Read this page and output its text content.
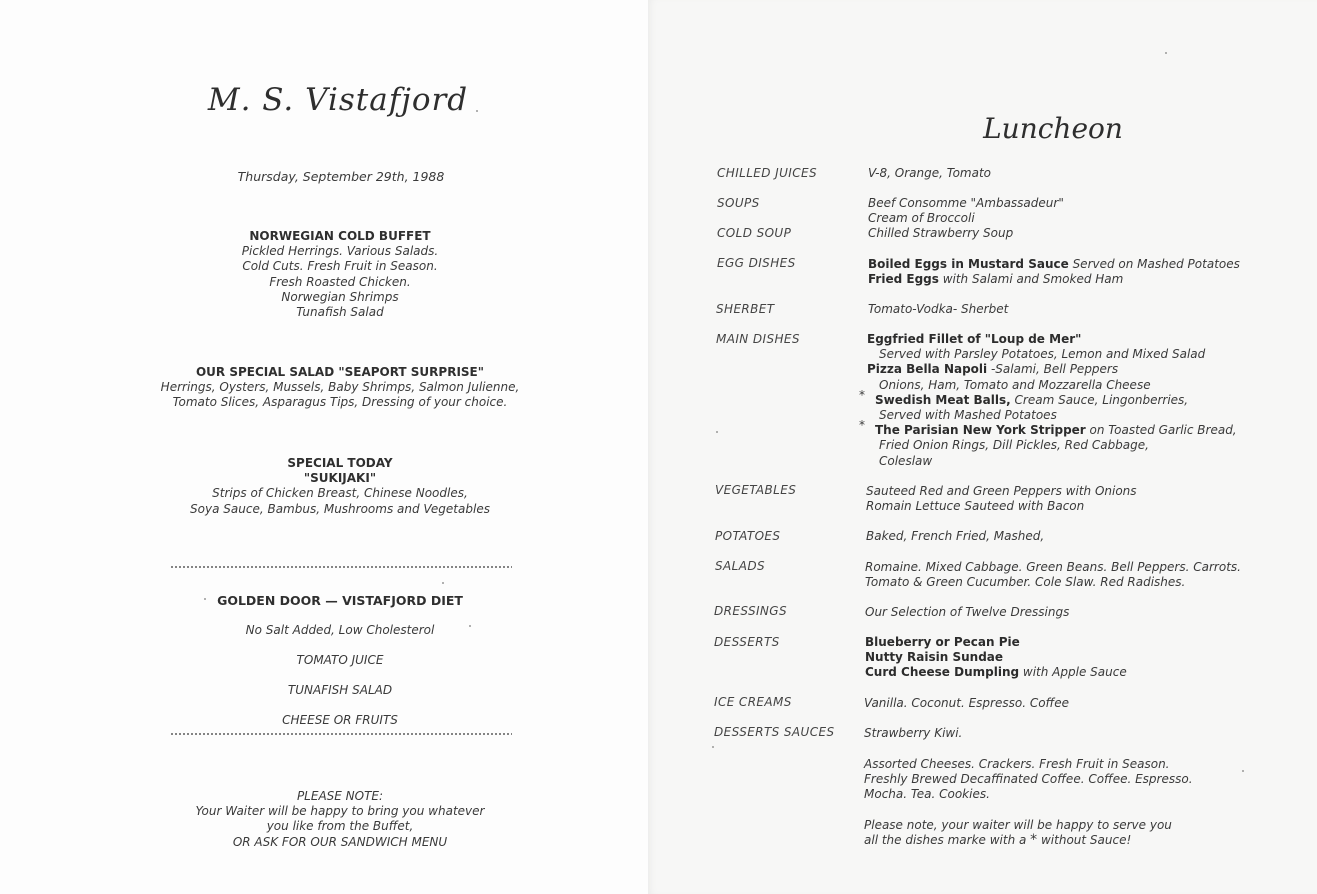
M. S. Vistafjord
Thursday, September 29th, 1988
NORWEGIAN COLD BUFFET
Pickled Herrings. Various Salads.
Cold Cuts. Fresh Fruit in Season.
Fresh Roasted Chicken.
Norwegian Shrimps
Tunafish Salad
OUR SPECIAL SALAD "SEAPORT SURPRISE"
Herrings, Oysters, Mussels, Baby Shrimps, Salmon Julienne,
Tomato Slices, Asparagus Tips, Dressing of your choice.
SPECIAL TODAY
"SUKIJAKI"
Strips of Chicken Breast, Chinese Noodles,
Soya Sauce, Bambus, Mushrooms and Vegetables
GOLDEN DOOR — VISTAFJORD DIET
No Salt Added, Low Cholesterol
TOMATO JUICE
TUNAFISH SALAD
CHEESE OR FRUITS
PLEASE NOTE:
Your Waiter will be happy to bring you whatever
you like from the Buffet,
OR ASK FOR OUR SANDWICH MENU
Luncheon
CHILLED JUICES
SOUPS
COLD SOUP
EGG DISHES
SHERBET
MAIN DISHES
VEGETABLES
POTATOES
SALADS
DRESSINGS
DESSERTS
ICE CREAMS
DESSERTS SAUCES
V-8, Orange, Tomato
Beef Consomme "Ambassadeur"
Cream of Broccoli
Chilled Strawberry Soup
Boiled Eggs in Mustard Sauce Served on Mashed Potatoes
Fried Eggs with Salami and Smoked Ham
Tomato-Vodka- Sherbet
Eggfried Fillet of "Loup de Mer"
Served with Parsley Potatoes, Lemon and Mixed Salad
Pizza Bella Napoli -Salami, Bell Peppers
Onions, Ham, Tomato and Mozzarella Cheese
* Swedish Meat Balls, Cream Sauce, Lingonberries,
Served with Mashed Potatoes
* The Parisian New York Stripper on Toasted Garlic Bread,
Fried Onion Rings, Dill Pickles, Red Cabbage,
Coleslaw
Sauteed Red and Green Peppers with Onions
Romain Lettuce Sauteed with Bacon
Baked, French Fried, Mashed,
Romaine. Mixed Cabbage. Green Beans. Bell Peppers. Carrots.
Tomato & Green Cucumber. Cole Slaw. Red Radishes.
Our Selection of Twelve Dressings
Blueberry or Pecan Pie
Nutty Raisin Sundae
Curd Cheese Dumpling with Apple Sauce
Vanilla. Coconut. Espresso. Coffee
Strawberry Kiwi.
Assorted Cheeses. Crackers. Fresh Fruit in Season.
Freshly Brewed Decaffinated Coffee. Coffee. Espresso.
Mocha. Tea. Cookies.
Please note, your waiter will be happy to serve you
all the dishes marke with a * without Sauce!
